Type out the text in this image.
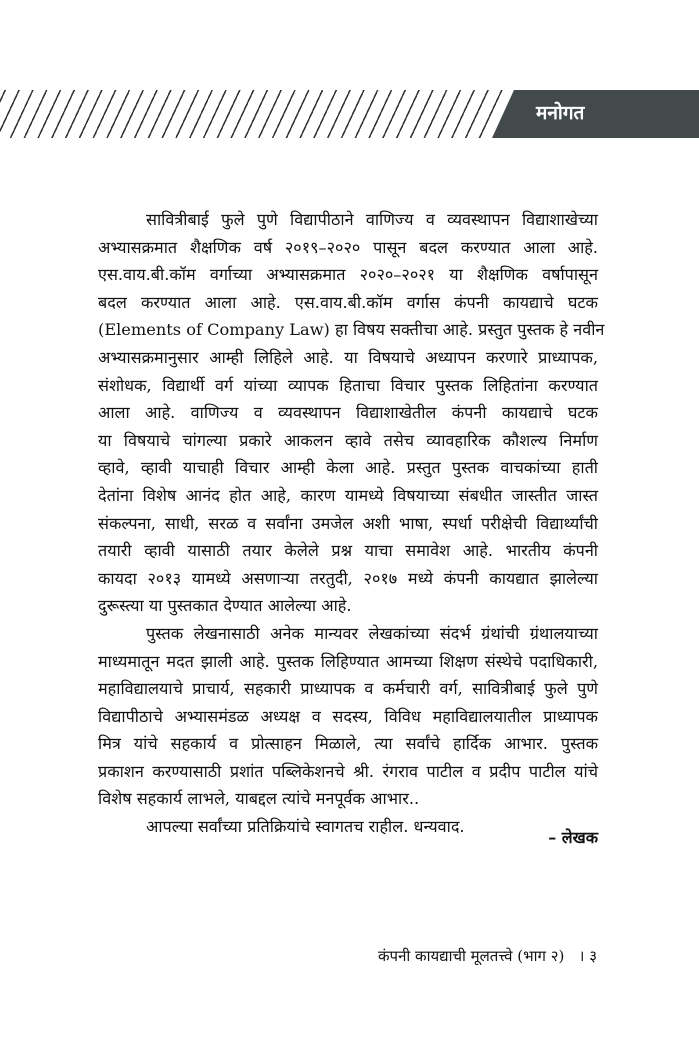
मनोगत
सावित्रीबाई फुले पुणे विद्यापीठाने वाणिज्य व व्यवस्थापन विद्याशाखेच्या
अभ्यासक्रमात शैक्षणिक वर्ष २०१९–२०२० पासून बदल करण्यात आला आहे.
एस.वाय.बी.कॉम वर्गाच्या अभ्यासक्रमात २०२०–२०२१ या शैक्षणिक वर्षापासून
बदल करण्यात आला आहे. एस.वाय.बी.कॉम वर्गास कंपनी कायद्याचे घटक
(Elements of Company Law) हा विषय सक्तीचा आहे. प्रस्तुत पुस्तक हे नवीन
अभ्यासक्रमानुसार आम्ही लिहिले आहे. या विषयाचे अध्यापन करणारे प्राध्यापक,
संशोधक, विद्यार्थी वर्ग यांच्या व्यापक हिताचा विचार पुस्तक लिहितांना करण्यात
आला आहे. वाणिज्य व व्यवस्थापन विद्याशाखेतील कंपनी कायद्याचे घटक
या विषयाचे चांगल्या प्रकारे आकलन व्हावे तसेच व्यावहारिक कौशल्य निर्माण
व्हावे, व्हावी याचाही विचार आम्ही केला आहे. प्रस्तुत पुस्तक वाचकांच्या हाती
देतांना विशेष आनंद होत आहे, कारण यामध्ये विषयाच्या संबधीत जास्तीत जास्त
संकल्पना, साधी, सरळ व सर्वांना उमजेल अशी भाषा, स्पर्धा परीक्षेची विद्यार्थ्यांची
तयारी व्हावी यासाठी तयार केलेले प्रश्न याचा समावेश आहे. भारतीय कंपनी
कायदा २०१३ यामध्ये असणाऱ्या तरतुदी, २०१७ मध्ये कंपनी कायद्यात झालेल्या
दुरूस्त्या या पुस्तकात देण्यात आलेल्या आहे.
पुस्तक लेखनासाठी अनेक मान्यवर लेखकांच्या संदर्भ ग्रंथांची ग्रंथालयाच्या
माध्यमातून मदत झाली आहे. पुस्तक लिहिण्यात आमच्या शिक्षण संस्थेचे पदाधिकारी,
महाविद्यालयाचे प्राचार्य, सहकारी प्राध्यापक व कर्मचारी वर्ग, सावित्रीबाई फुले पुणे
विद्यापीठाचे अभ्यासमंडळ अध्यक्ष व सदस्य, विविध महाविद्यालयातील प्राध्यापक
मित्र यांचे सहकार्य व प्रोत्साहन मिळाले, त्या सर्वांचे हार्दिक आभार. पुस्तक
प्रकाशन करण्यासाठी प्रशांत पब्लिकेशनचे श्री. रंगराव पाटील व प्रदीप पाटील यांचे
विशेष सहकार्य लाभले, याबद्दल त्यांचे मनपूर्वक आभार..
आपल्या सर्वांच्या प्रतिक्रियांचे स्वागतच राहील. धन्यवाद.
– लेखक
कंपनी कायद्याची मूलतत्त्वे (भाग २) । ३
